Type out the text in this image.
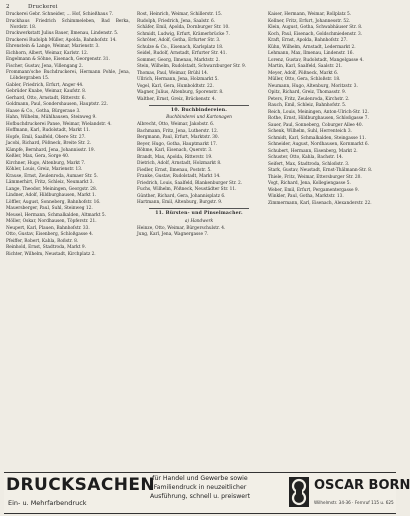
2	Druckerei
Druckerei Gebr. Schneider, ... Hof, Schießhaus 7.
Druckhaus Friedrich Schimmeleben, Bad Berka, Nordstr. 18.
Druckwerkstatt Julius Bauer, Ilmenau, Lindenstr. 5.
Druckerei Rudolph Müller, Apolda, Bahnhofstr. 14.
Ehrenstein & Lange, Weimar, Marienstr. 3.
Eichhorn, Albert, Weimar, Karlstr. 12.
Engelmann & Söhne, Eisenach, Georgenstr. 31.
Fischer, Gustav, Jena, Villengang 2.
Frommann'sche Buchdruckerei, Hermann Pohle, Jena, Löbdergraben 15.
Gabler, Friedrich, Erfurt, Anger 44.
Gebrüder Knabe, Weimar, Kaufstr. 8.
Gerhard, Otto, Arnstadt, Ritterstr. 6.
Goldmann, Paul, Sondershausen, Hauptstr. 22.
Haase & Co., Gotha, Bürgeraue 3.
Hahn, Wilhelm, Mühlhausen, Steinweg 9.
Hofbuchdruckerei Panse, Weimar, Wielandstr. 4.
Hoffmann, Karl, Rudolstadt, Markt 11.
Hopfe, Emil, Saalfeld, Obere Str. 27.
Jacobi, Richard, Pößneck, Breite Str. 2.
Kämpfe, Bernhard, Jena, Johannisstr. 19.
Keßler, Max, Gera, Sorge 40.
Kirchner, Hugo, Altenburg, Markt 7.
Köhler, Louis, Greiz, Marienstr. 13.
Krause, Ernst, Zeulenroda, Aumaer Str. 5.
Lämmerhirt, Fritz, Schleiz, Neumarkt 3.
Lange, Theodor, Meiningen, Georgstr. 28.
Lindner, Adolf, Hildburghausen, Markt 1.
Löffler, August, Sonneberg, Bahnhofstr. 16.
Mauersberger, Paul, Suhl, Steinweg 12.
Meusel, Hermann, Schmalkalden, Altmarkt 5.
Möller, Oskar, Nordhausen, Töpferstr. 21.
Neupert, Karl, Plauen, Bahnhofstr. 33.
Otto, Gustav, Eisenberg, Schloßgasse 4.
Pfeiffer, Robert, Kahla, Roßstr. 8.
Reinhold, Ernst, Stadtroda, Markt 9.
Richter, Wilhelm, Neustadt, Kirchplatz 2.
Rost, Heinrich, Weimar, Schillerstr. 15.
Rudolph, Friedrich, Jena, Saalstr. 6.
Schäfer, Emil, Apolda, Dornburger Str. 10.
Schmidt, Ludwig, Erfurt, Krämerbrücke 7.
Schröter, Adolf, Gotha, Erfurter Str. 3.
Schulze & Co., Eisenach, Karlsplatz 18.
Seidel, Rudolf, Arnstadt, Erfurter Str. 41.
Sommer, Georg, Ilmenau, Marktstr. 2.
Stein, Wilhelm, Rudolstadt, Schwarzburger Str. 9.
Thomas, Paul, Weimar, Brühl 14.
Ullrich, Hermann, Jena, Holzmarkt 5.
Vogel, Karl, Gera, Humboldtstr. 22.
Wagner, Julius, Altenburg, Sporenstr. 8.
Walther, Ernst, Greiz, Brückenstr. 4.
10. Buchbindereien.
Buchbinderei und Kartonagen
Albrecht, Otto, Weimar, Jakobstr. 6.
Bachmann, Fritz, Jena, Lutherstr. 12.
Bergmann, Paul, Erfurt, Marktstr. 30.
Beyer, Hugo, Gotha, Hauptmarkt 17.
Böhme, Karl, Eisenach, Querstr. 3.
Brandt, Max, Apolda, Ritterstr. 19.
Dietrich, Adolf, Arnstadt, Holzmarkt 8.
Fiedler, Ernst, Ilmenau, Poststr. 5.
Franke, Gustav, Rudolstadt, Markt 14.
Friedrich, Louis, Saalfeld, Blankenburger Str. 2.
Fuchs, Wilhelm, Pößneck, Neustädter Str. 11.
Günther, Richard, Gera, Johannisplatz 6.
Hartmann, Emil, Altenburg, Burgstr. 9.
11. Bürsten- und Pinselmacher.
a) Handwerk
Heinze, Otto, Weimar, Bürgerschulstr. 4.
Jung, Karl, Jena, Wagnergasse 7.
Kaiser, Hermann, Weimar, Rollplatz 5.
Kellner, Fritz, Erfurt, Johannesstr. 52.
Klein, August, Gotha, Schwabhäuser Str. 8.
Koch, Paul, Eisenach, Goldschmiedenstr. 3.
Kraft, Ernst, Apolda, Bahnhofstr. 27.
Kühn, Wilhelm, Arnstadt, Ledermarkt 2.
Lehmann, Max, Ilmenau, Lindenstr. 16.
Lorenz, Gustav, Rudolstadt, Mangelgasse 4.
Martin, Karl, Saalfeld, Saalstr. 21.
Meyer, Adolf, Pößneck, Markt 6.
Müller, Otto, Gera, Schloßstr. 18.
Neumann, Hugo, Altenburg, Moritzstr. 3.
Opitz, Richard, Greiz, Thomasstr. 9.
Peters, Fritz, Zeulenroda, Kirchstr. 2.
Rauch, Emil, Schleiz, Bahnhofstr. 5.
Reich, Louis, Meiningen, Anton-Ulrich-Str. 12.
Rothe, Ernst, Hildburghausen, Schloßgasse 7.
Sauer, Paul, Sonneberg, Coburger Allee 40.
Schenk, Wilhelm, Suhl, Herrenteich 3.
Schmidt, Karl, Schmalkalden, Steingasse 11.
Schneider, August, Nordhausen, Kornmarkt 6.
Schubert, Hermann, Eisenberg, Markt 2.
Schuster, Otto, Kahla, Bachstr. 14.
Seifert, Max, Stadtroda, Schloßstr. 3.
Stark, Gustav, Neustadt, Ernst-Thälmann-Str. 8.
Thiele, Fritz, Weimar, Ettersburger Str. 20.
Vogt, Richard, Jena, Kollegiengasse 5.
Weber, Emil, Erfurt, Pergamentergasse 9.
Winkler, Paul, Gotha, Marktstr. 13.
Zimmermann, Karl, Eisenach, Alexanderstr. 22.
DRUCKSACHEN
Ein- u. Mehrfarbendruck
für Handel und Gewerbe sowie
Familiendruck in neuzeitlicher
Ausführung, schnell u. preiswert
OSCAR BORN
Wilhelmstr. 34-36 · Fernruf 115 u. 625
